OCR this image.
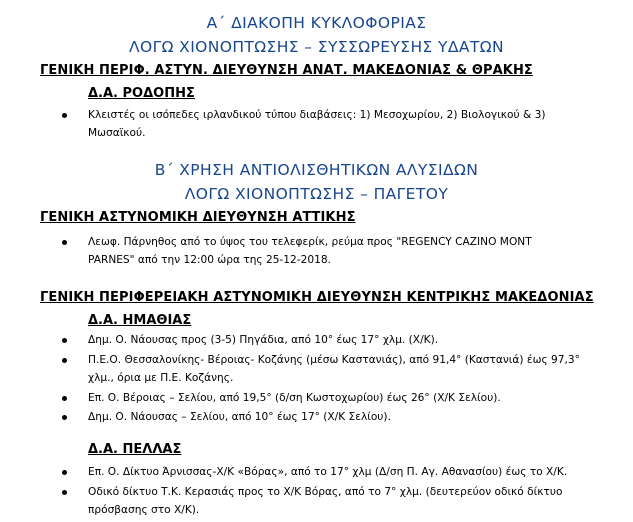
Α΄ ΔΙΑΚΟΠΗ ΚΥΚΛΟΦΟΡΙΑΣ
ΛΟΓΩ ΧΙΟΝΟΠΤΩΣΗΣ – ΣΥΣΣΩΡΕΥΣΗΣ ΥΔΑΤΩΝ
ΓΕΝΙΚΗ ΠΕΡΙΦ. ΑΣΤΥΝ. ΔΙΕΥΘΥΝΣΗ ΑΝΑΤ. ΜΑΚΕΔΟΝΙΑΣ & ΘΡΑΚΗΣ
Δ.Α. ΡΟΔΟΠΗΣ
Κλειστές οι ισόπεδες ιρλανδικού τύπου διαβάσεις: 1) Μεσοχωρίου, 2) Βιολογικού & 3)
Μωσαϊκού.
Β΄ ΧΡΗΣΗ ΑΝΤΙΟΛΙΣΘΗΤΙΚΩΝ ΑΛΥΣΙΔΩΝ
ΛΟΓΩ ΧΙΟΝΟΠΤΩΣΗΣ – ΠΑΓΕΤΟΥ
ΓΕΝΙΚΗ ΑΣΤΥΝΟΜΙΚΗ ΔΙΕΥΘΥΝΣΗ ΑΤΤΙΚΗΣ
Λεωφ. Πάρνηθος από το ύψος του τελεφερίκ, ρεύμα προς "REGENCY CAZINO MONT
PARNES" από την 12:00 ώρα της 25-12-2018.
ΓΕΝΙΚΗ ΠΕΡΙΦΕΡΕΙΑΚΗ ΑΣΤΥΝΟΜΙΚΗ ΔΙΕΥΘΥΝΣΗ ΚΕΝΤΡΙΚΗΣ ΜΑΚΕΔΟΝΙΑΣ
Δ.Α. ΗΜΑΘΙΑΣ
Δημ. Ο. Νάουσας προς (3-5) Πηγάδια, από 10° έως 17° χλμ. (Χ/Κ).
Π.Ε.Ο. Θεσσαλονίκης- Βέροιας- Κοζάνης (μέσω Καστανιάς), από 91,4° (Καστανιά) έως 97,3°
χλμ., όρια με Π.Ε. Κοζάνης.
Επ. Ο. Βέροιας – Σελίου, από 19,5° (δ/ση Κωστοχωρίου) έως 26° (Χ/Κ Σελίου).
Δημ. Ο. Νάουσας – Σελίου, από 10° έως 17° (Χ/Κ Σελίου).
Δ.Α. ΠΕΛΛΑΣ
Επ. Ο. Δίκτυο Άρνισσας-Χ/Κ «Βόρας», από το 17° χλμ (Δ/ση Π. Αγ. Αθανασίου) έως το Χ/Κ.
Οδικό δίκτυο Τ.Κ. Κερασιάς προς το Χ/Κ Βόρας, από το 7° χλμ. (δευτερεύον οδικό δίκτυο
πρόσβασης στο Χ/Κ).
